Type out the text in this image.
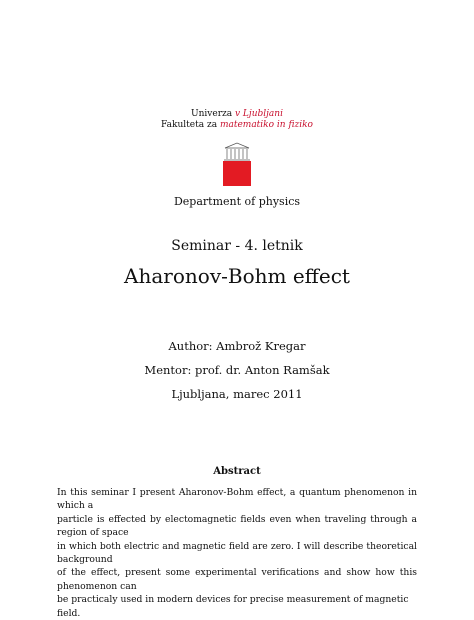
Univerza v Ljubljani
Fakulteta za matematiko in fiziko
Department of physics
Seminar - 4. letnik
Aharonov-Bohm effect
Author: Ambrož Kregar
Mentor: prof. dr. Anton Ramšak
Ljubljana, marec 2011
Abstract
In this seminar I present Aharonov-Bohm effect, a quantum phenomenon in which a
particle is effected by electomagnetic fields even when traveling through a region of space
in which both electric and magnetic field are zero. I will describe theoretical background
of the effect, present some experimental verifications and show how this phenomenon can
be practicaly used in modern devices for precise measurement of magnetic field.
